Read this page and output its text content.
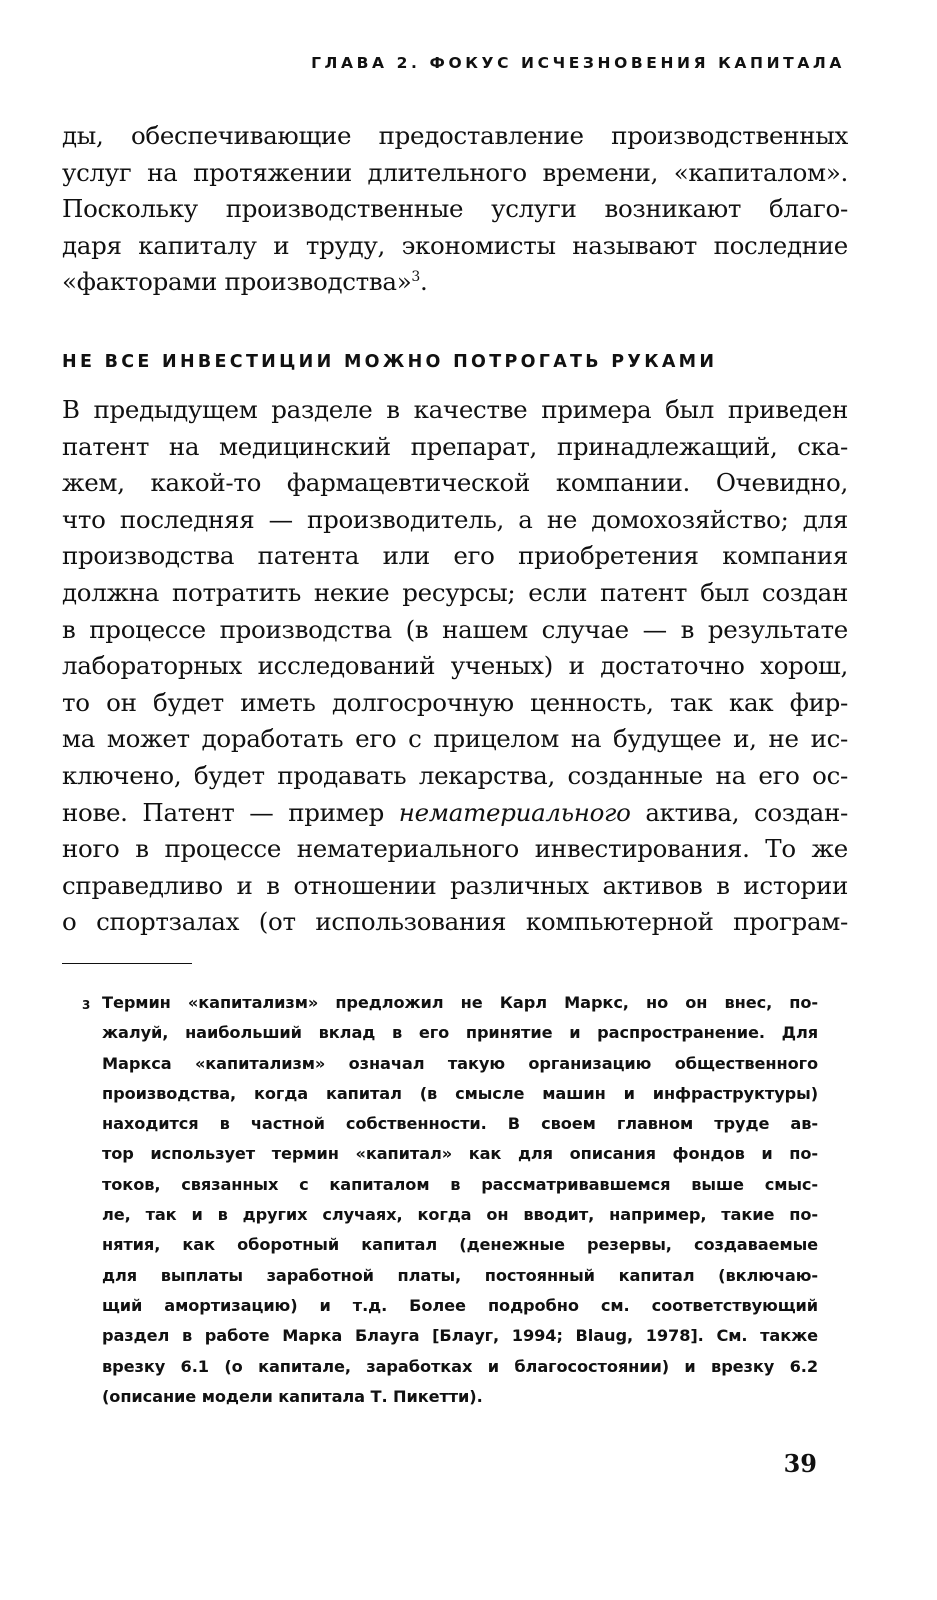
ГЛАВА 2. ФОКУС ИСЧЕЗНОВЕНИЯ КАПИТАЛА
ды, обеспечивающие предоставление производственных
услуг на протяжении длительного времени, «капиталом».
Поскольку производственные услуги возникают благо-
даря капиталу и труду, экономисты называют последние
«факторами производства»$^3$.
НЕ ВСЕ ИНВЕСТИЦИИ МОЖНО ПОТРОГАТЬ РУКАМИ
В предыдущем разделе в качестве примера был приведен
патент на медицинский препарат, принадлежащий, ска-
жем, какой-то фармацевтической компании. Очевидно,
что последняя — производитель, а не домохозяйство; для
производства патента или его приобретения компания
должна потратить некие ресурсы; если патент был создан
в процессе производства (в нашем случае — в результате
лабораторных исследований ученых) и достаточно хорош,
то он будет иметь долгосрочную ценность, так как фир-
ма может доработать его с прицелом на будущее и, не ис-
ключено, будет продавать лекарства, созданные на его ос-
нове. Патент — пример нематериального актива, создан-
ного в процессе нематериального инвестирования. То же
справедливо и в отношении различных активов в истории
о спортзалах (от использования компьютерной програм-
3 Термин «капитализм» предложил не Карл Маркс, но он внес, по-
жалуй, наибольший вклад в его принятие и распространение. Для
Маркса «капитализм» означал такую организацию общественного
производства, когда капитал (в смысле машин и инфраструктуры)
находится в частной собственности. В своем главном труде ав-
тор использует термин «капитал» как для описания фондов и по-
токов, связанных с капиталом в рассматривавшемся выше смыс-
ле, так и в других случаях, когда он вводит, например, такие по-
нятия, как оборотный капитал (денежные резервы, создаваемые
для выплаты заработной платы, постоянный капитал (включаю-
щий амортизацию) и т.д. Более подробно см. соответствующий
раздел в работе Марка Блауга [Блауг, 1994; Blaug, 1978]. См. также
врезку 6.1 (о капитале, заработках и благосостоянии) и врезку 6.2
(описание модели капитала Т. Пикетти).
39
